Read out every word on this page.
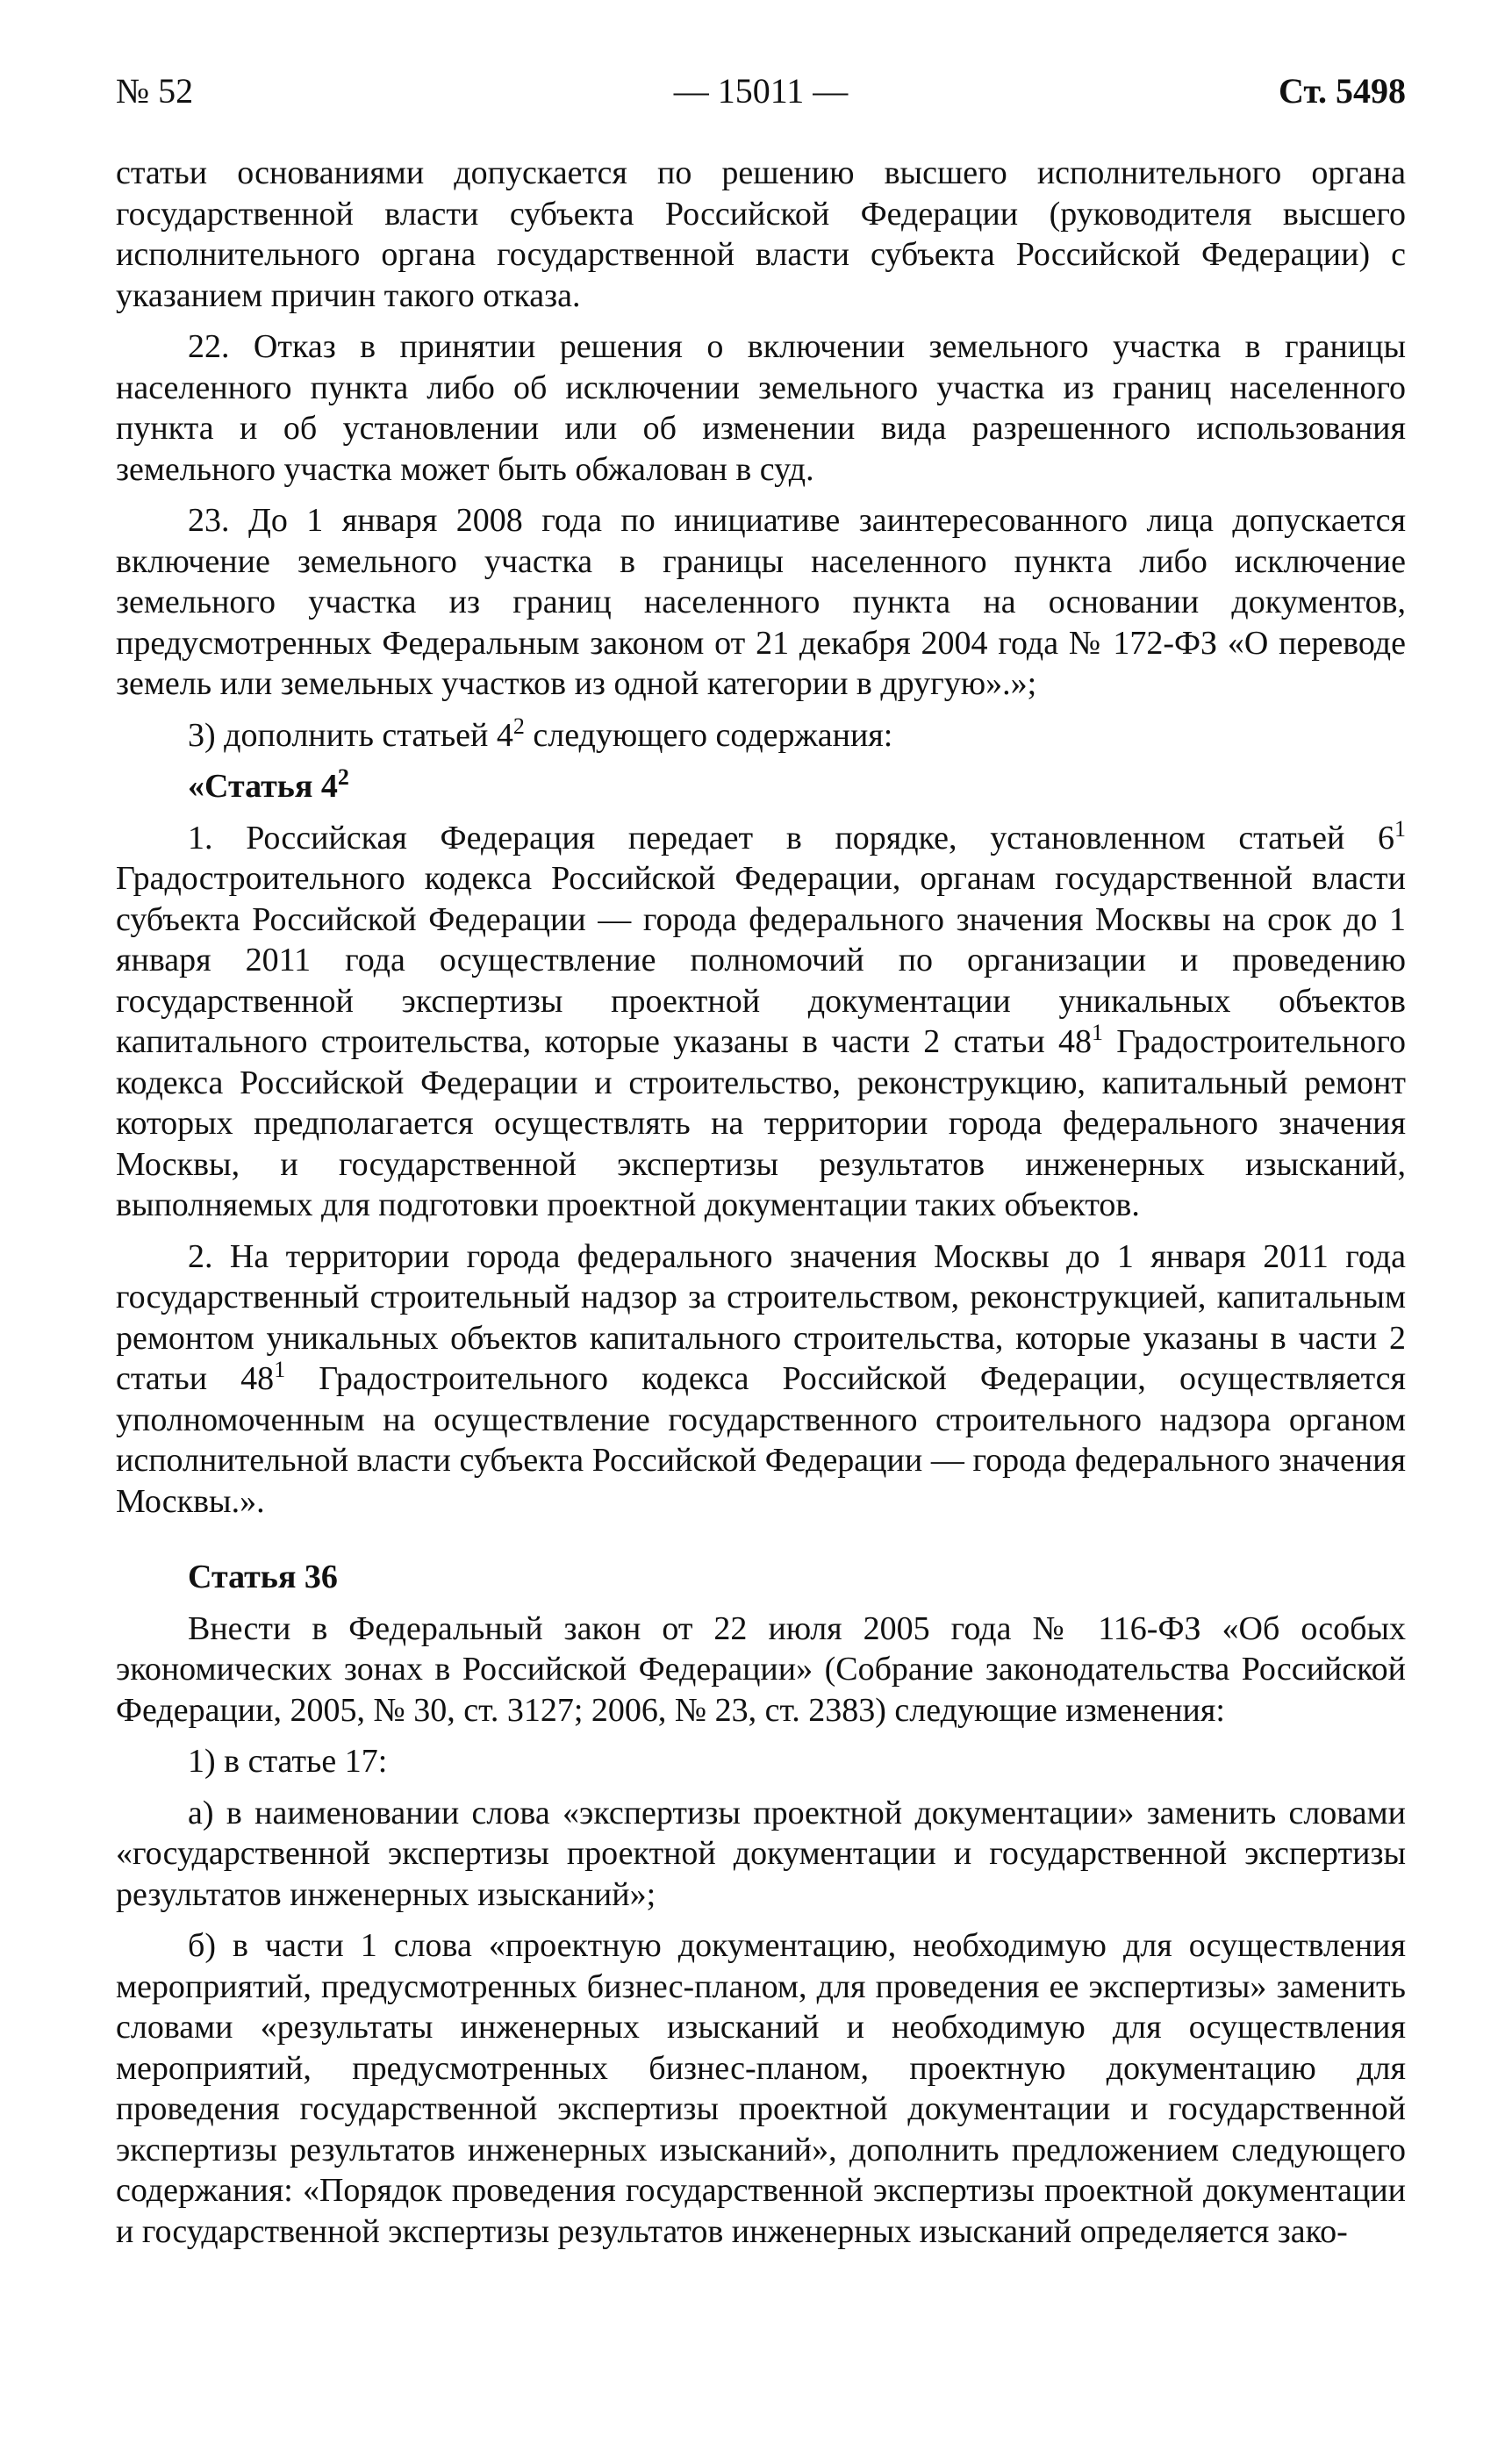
№ 52	— 15011 —	Ст. 5498

статьи основаниями допускается по решению высшего исполнительного органа государственной власти субъекта Российской Федерации (руководителя высшего исполнительного органа государственной власти субъекта Российской Федерации) с указанием причин такого отказа.

22. Отказ в принятии решения о включении земельного участка в границы населенного пункта либо об исключении земельного участка из границ населенного пункта и об установлении или об изменении вида разрешенного использования земельного участка может быть обжалован в суд.

23. До 1 января 2008 года по инициативе заинтересованного лица допускается включение земельного участка в границы населенного пункта либо исключение земельного участка из границ населенного пункта на основании документов, предусмотренных Федеральным законом от 21 декабря 2004 года № 172-ФЗ «О переводе земель или земельных участков из одной категории в другую».»;

3) дополнить статьей $4^2$ следующего содержания:

«Статья $4^2$

1. Российская Федерация передает в порядке, установленном статьей $6^1$ Градостроительного кодекса Российской Федерации, органам государственной власти субъекта Российской Федерации — города федерального значения Москвы на срок до 1 января 2011 года осуществление полномочий по организации и проведению государственной экспертизы проектной документации уникальных объектов капитального строительства, которые указаны в части 2 статьи $48^1$ Градостроительного кодекса Российской Федерации и строительство, реконструкцию, капитальный ремонт которых предполагается осуществлять на территории города федерального значения Москвы, и государственной экспертизы результатов инженерных изысканий, выполняемых для подготовки проектной документации таких объектов.

2. На территории города федерального значения Москвы до 1 января 2011 года государственный строительный надзор за строительством, реконструкцией, капитальным ремонтом уникальных объектов капитального строительства, которые указаны в части 2 статьи $48^1$ Градостроительного кодекса Российской Федерации, осуществляется уполномоченным на осуществление государственного строительного надзора органом исполнительной власти субъекта Российской Федерации — города федерального значения Москвы.».

Статья 36

Внести в Федеральный закон от 22 июля 2005 года № 116-ФЗ «Об особых экономических зонах в Российской Федерации» (Собрание законодательства Российской Федерации, 2005, № 30, ст. 3127; 2006, № 23, ст. 2383) следующие изменения:

1) в статье 17:

а) в наименовании слова «экспертизы проектной документации» заменить словами «государственной экспертизы проектной документации и государственной экспертизы результатов инженерных изысканий»;

б) в части 1 слова «проектную документацию, необходимую для осуществления мероприятий, предусмотренных бизнес-планом, для проведения ее экспертизы» заменить словами «результаты инженерных изысканий и необходимую для осуществления мероприятий, предусмотренных бизнес-планом, проектную документацию для проведения государственной экспертизы проектной документации и государственной экспертизы результатов инженерных изысканий», дополнить предложением следующего содержания: «Порядок проведения государственной экспертизы проектной документации и государственной экспертизы результатов инженерных изысканий определяется зако-
